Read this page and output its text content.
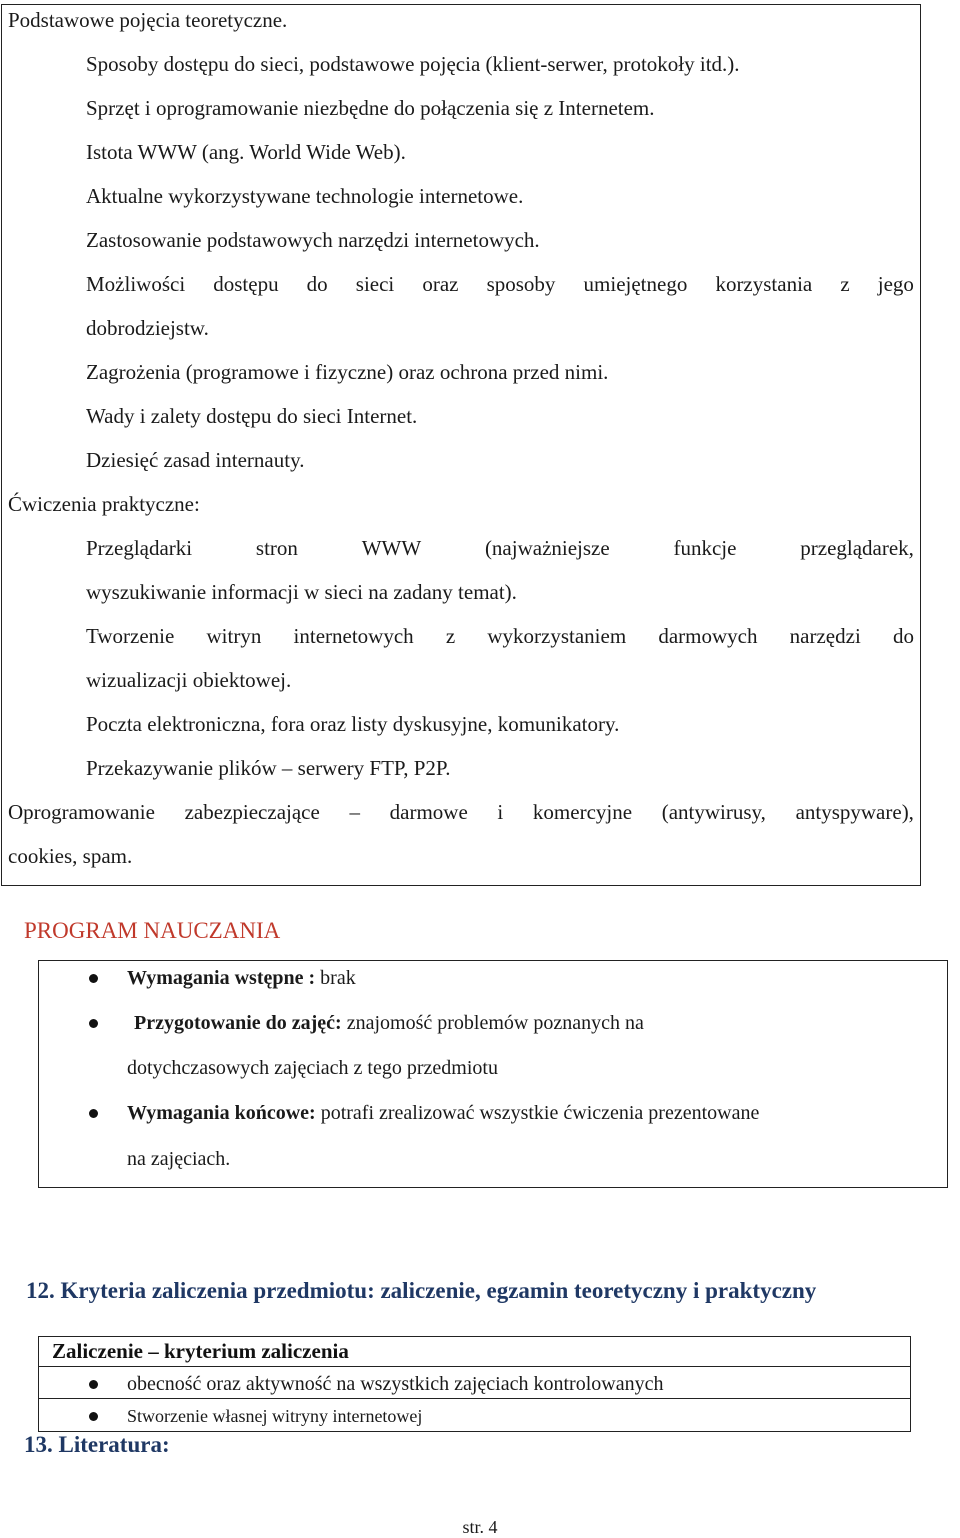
Podstawowe pojęcia teoretyczne.
Sposoby dostępu do sieci, podstawowe pojęcia (klient-serwer, protokoły itd.).
Sprzęt i oprogramowanie niezbędne do połączenia się z Internetem.
Istota WWW (ang. World Wide Web).
Aktualne wykorzystywane technologie internetowe.
Zastosowanie podstawowych narzędzi internetowych.
Możliwości dostępu do sieci oraz sposoby umiejętnego korzystania z jego
dobrodziejstw.
Zagrożenia (programowe i fizyczne) oraz ochrona przed nimi.
Wady i zalety dostępu do sieci Internet.
Dziesięć zasad internauty.
Ćwiczenia praktyczne:
Przeglądarki	stron	WWW	(najważniejsze	funkcje	przeglądarek,
wyszukiwanie informacji w sieci na zadany temat).
Tworzenie witryn internetowych z wykorzystaniem darmowych narzędzi do
wizualizacji obiektowej.
Poczta elektroniczna, fora oraz listy dyskusyjne, komunikatory.
Przekazywanie plików – serwery FTP, P2P.
Oprogramowanie zabezpieczające – darmowe i komercyjne (antywirusy, antyspyware),
cookies, spam.
PROGRAM NAUCZANIA
Wymagania wstępne : brak
Przygotowanie do zajęć: znajomość problemów poznanych na
dotychczasowych zajęciach z tego przedmiotu
Wymagania końcowe: potrafi zrealizować wszystkie ćwiczenia prezentowane
na zajęciach.
12. Kryteria zaliczenia przedmiotu: zaliczenie, egzamin teoretyczny i praktyczny
Zaliczenie – kryterium zaliczenia
obecność oraz aktywność na wszystkich zajęciach kontrolowanych
Stworzenie własnej witryny internetowej
13. Literatura:
str. 4
